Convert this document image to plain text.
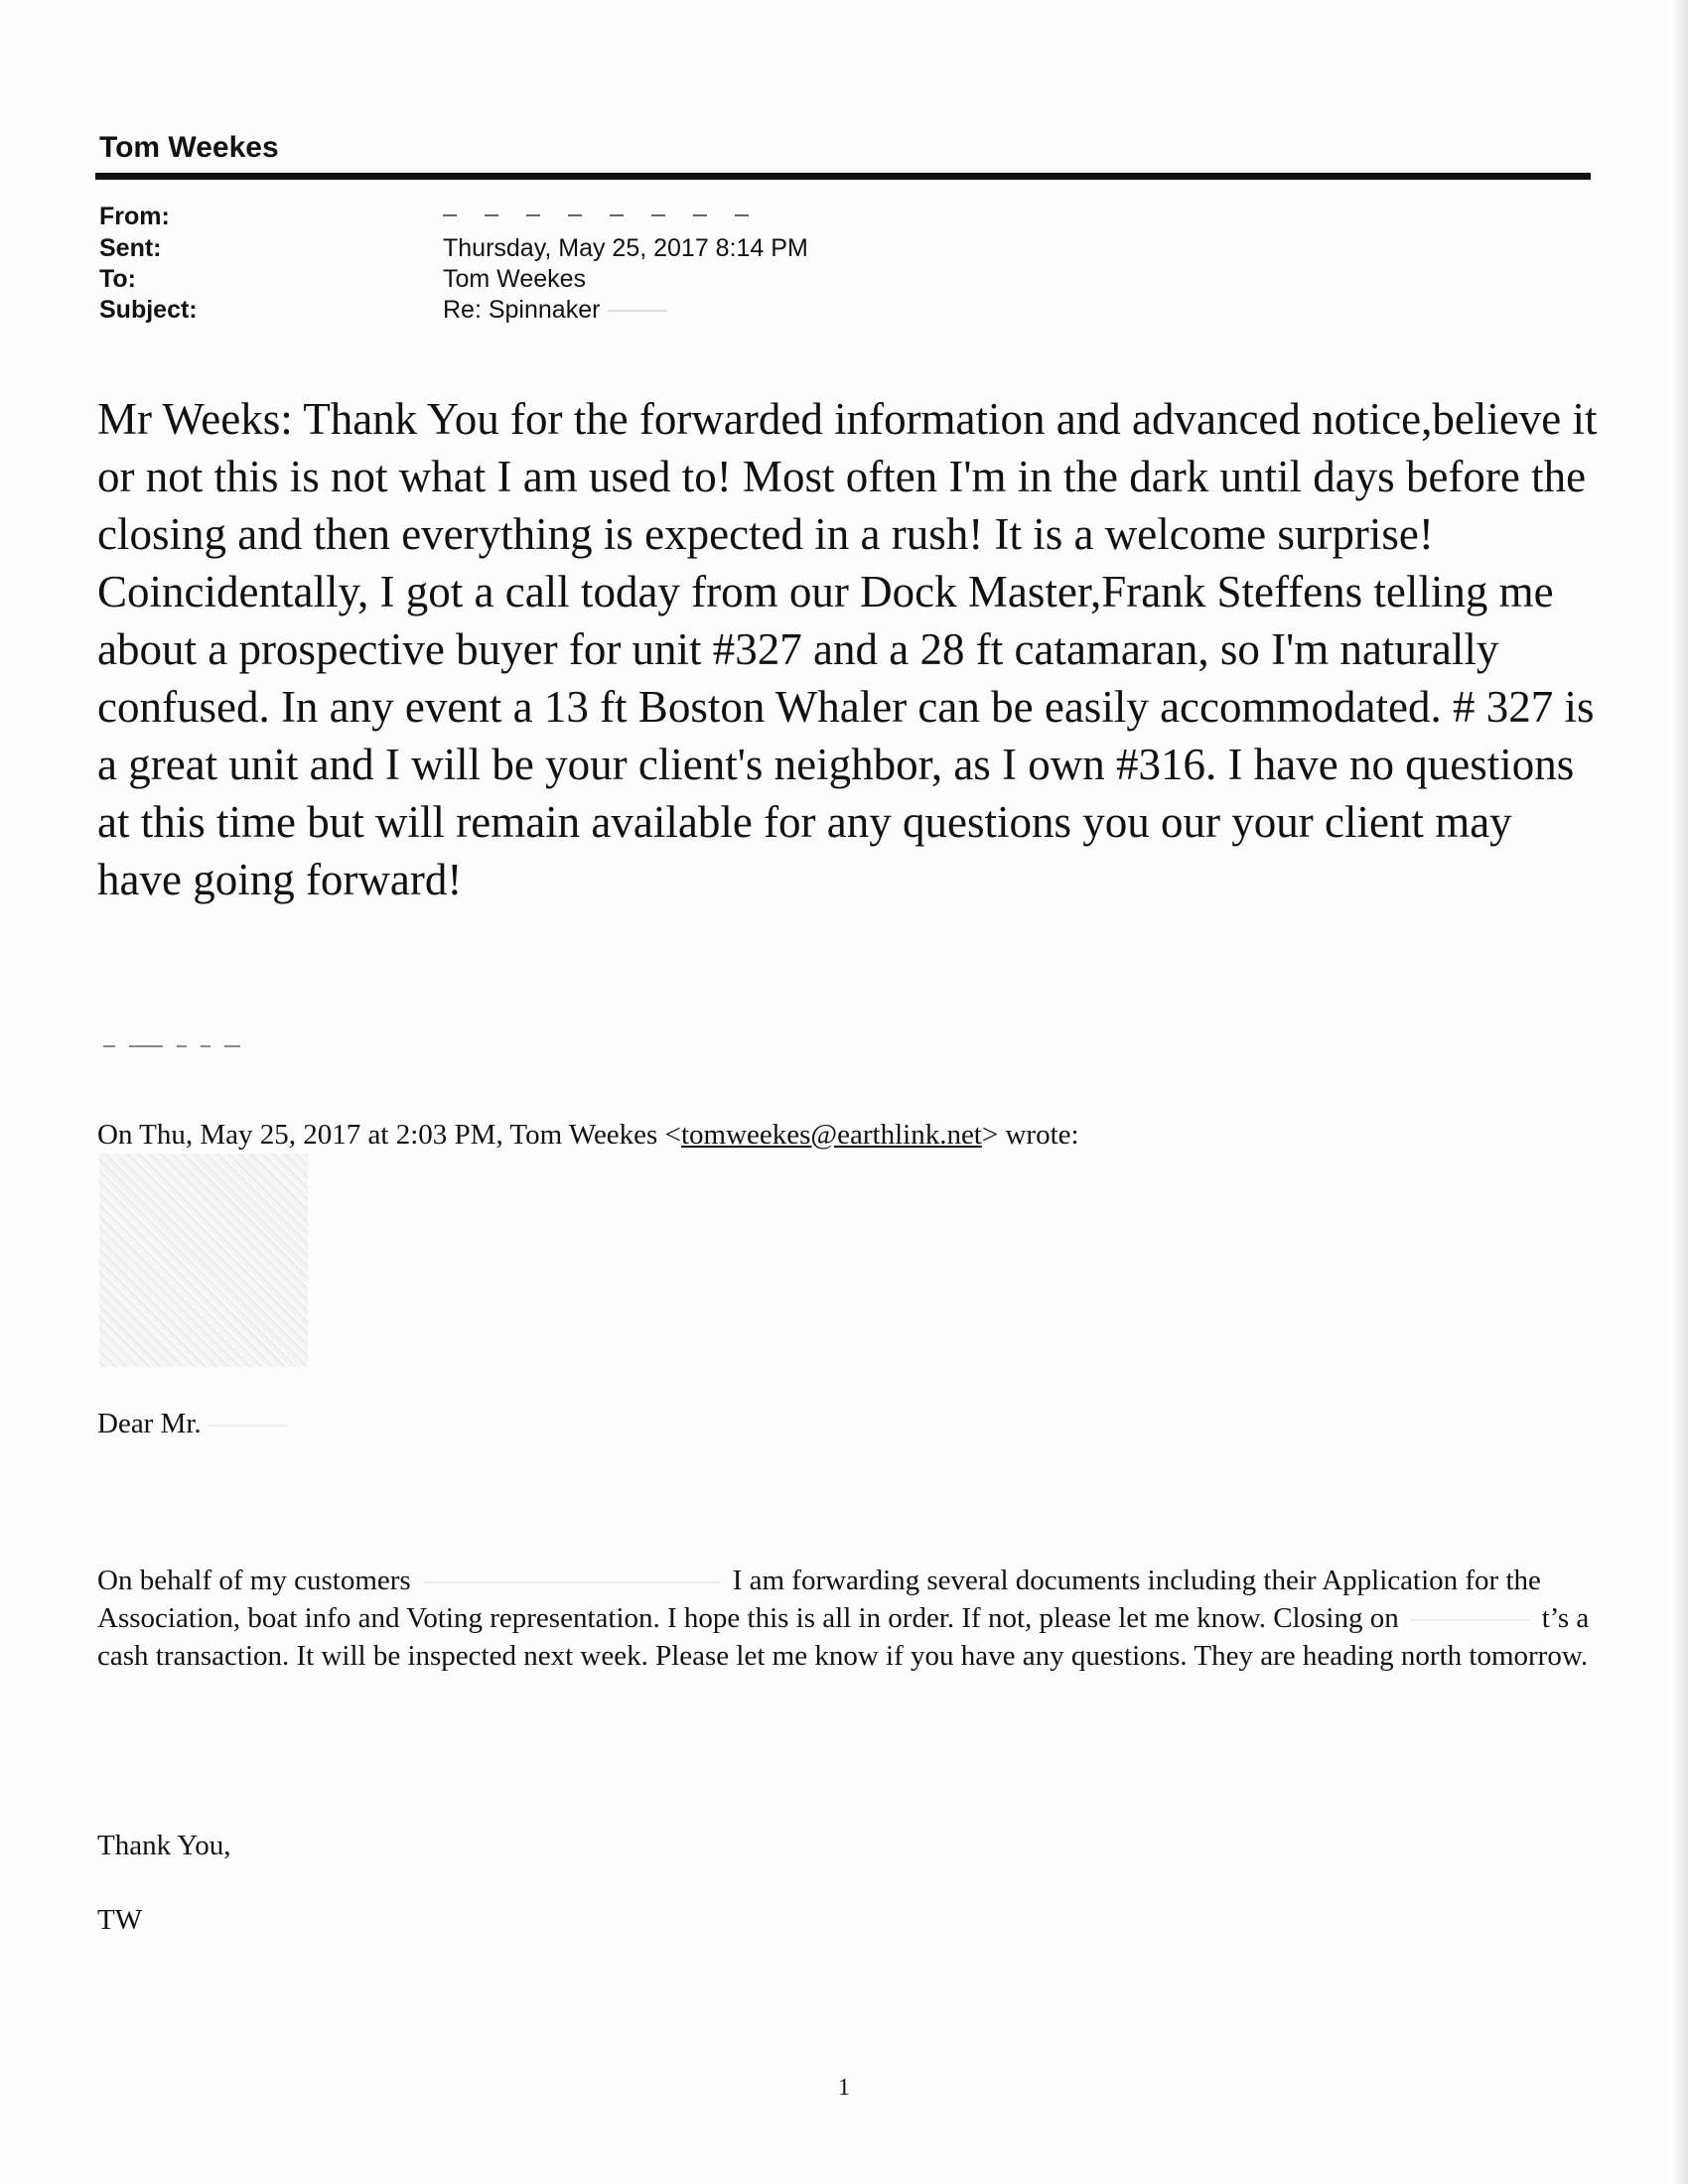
Tom Weekes
From:
Sent:	Thursday, May 25, 2017 8:14 PM
To:	Tom Weekes
Subject:	Re: Spinnaker
Mr Weeks: Thank You for the forwarded information and advanced notice,believe it or not this is not what I am used to! Most often I'm in the dark until days before the closing and then everything is expected in a rush! It is a welcome surprise! Coincidentally, I got a call today from our Dock Master,Frank Steffens telling me about a prospective buyer for unit #327 and a 28 ft catamaran, so I'm naturally confused. In any event a 13 ft Boston Whaler can be easily accommodated. # 327 is a great unit and I will be your client's neighbor, as I own #316. I have no questions at this time but will remain available for any questions you our your client may have going forward!
On Thu, May 25, 2017 at 2:03 PM, Tom Weekes <tomweekes@earthlink.net> wrote:
Dear Mr.
On behalf of my customers	I am forwarding several documents including their Application for the Association, boat info and Voting representation. I hope this is all in order. If not, please let me know. Closing on	t’s a cash transaction. It will be inspected next week. Please let me know if you have any questions. They are heading north tomorrow.
Thank You,
TW
1
